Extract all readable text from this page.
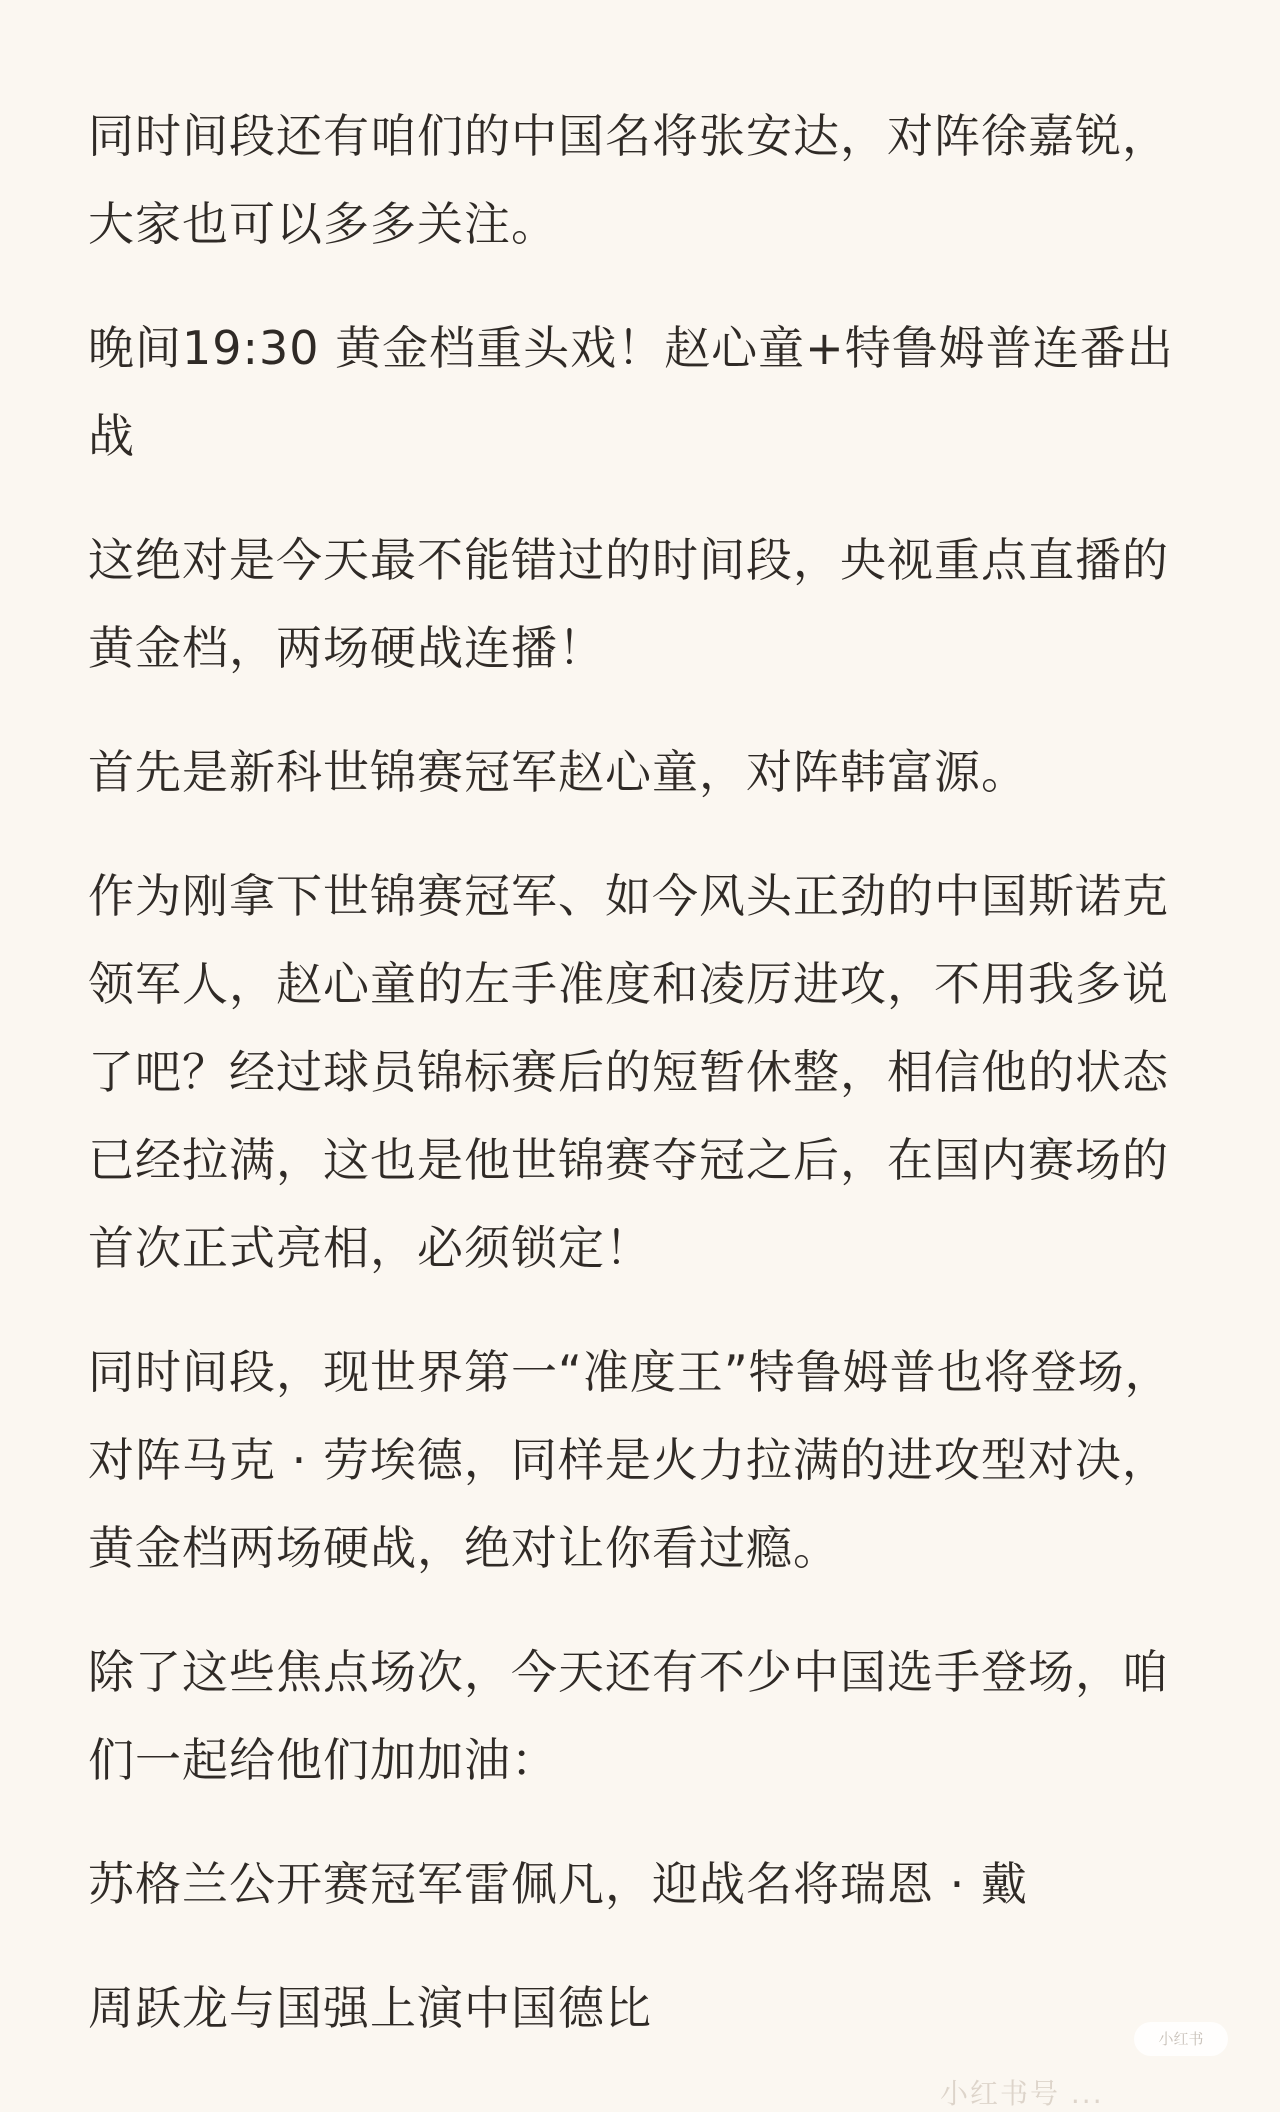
同时间段还有咱们的中国名将张安达，对阵徐嘉锐，大家也可以多多关注。

晚间19:30 黄金档重头戏！赵心童+特鲁姆普连番出战

这绝对是今天最不能错过的时间段，央视重点直播的黄金档，两场硬战连播！

首先是新科世锦赛冠军赵心童，对阵韩富源。

作为刚拿下世锦赛冠军、如今风头正劲的中国斯诺克领军人，赵心童的左手准度和凌厉进攻，不用我多说了吧？经过球员锦标赛后的短暂休整，相信他的状态已经拉满，这也是他世锦赛夺冠之后，在国内赛场的首次正式亮相，必须锁定！

同时间段，现世界第一“准度王”特鲁姆普也将登场，对阵马克 · 劳埃德，同样是火力拉满的进攻型对决，黄金档两场硬战，绝对让你看过瘾。

除了这些焦点场次，今天还有不少中国选手登场，咱们一起给他们加加油：

苏格兰公开赛冠军雷佩凡，迎战名将瑞恩 · 戴

周跃龙与国强上演中国德比

小红书
小红书号 ...
